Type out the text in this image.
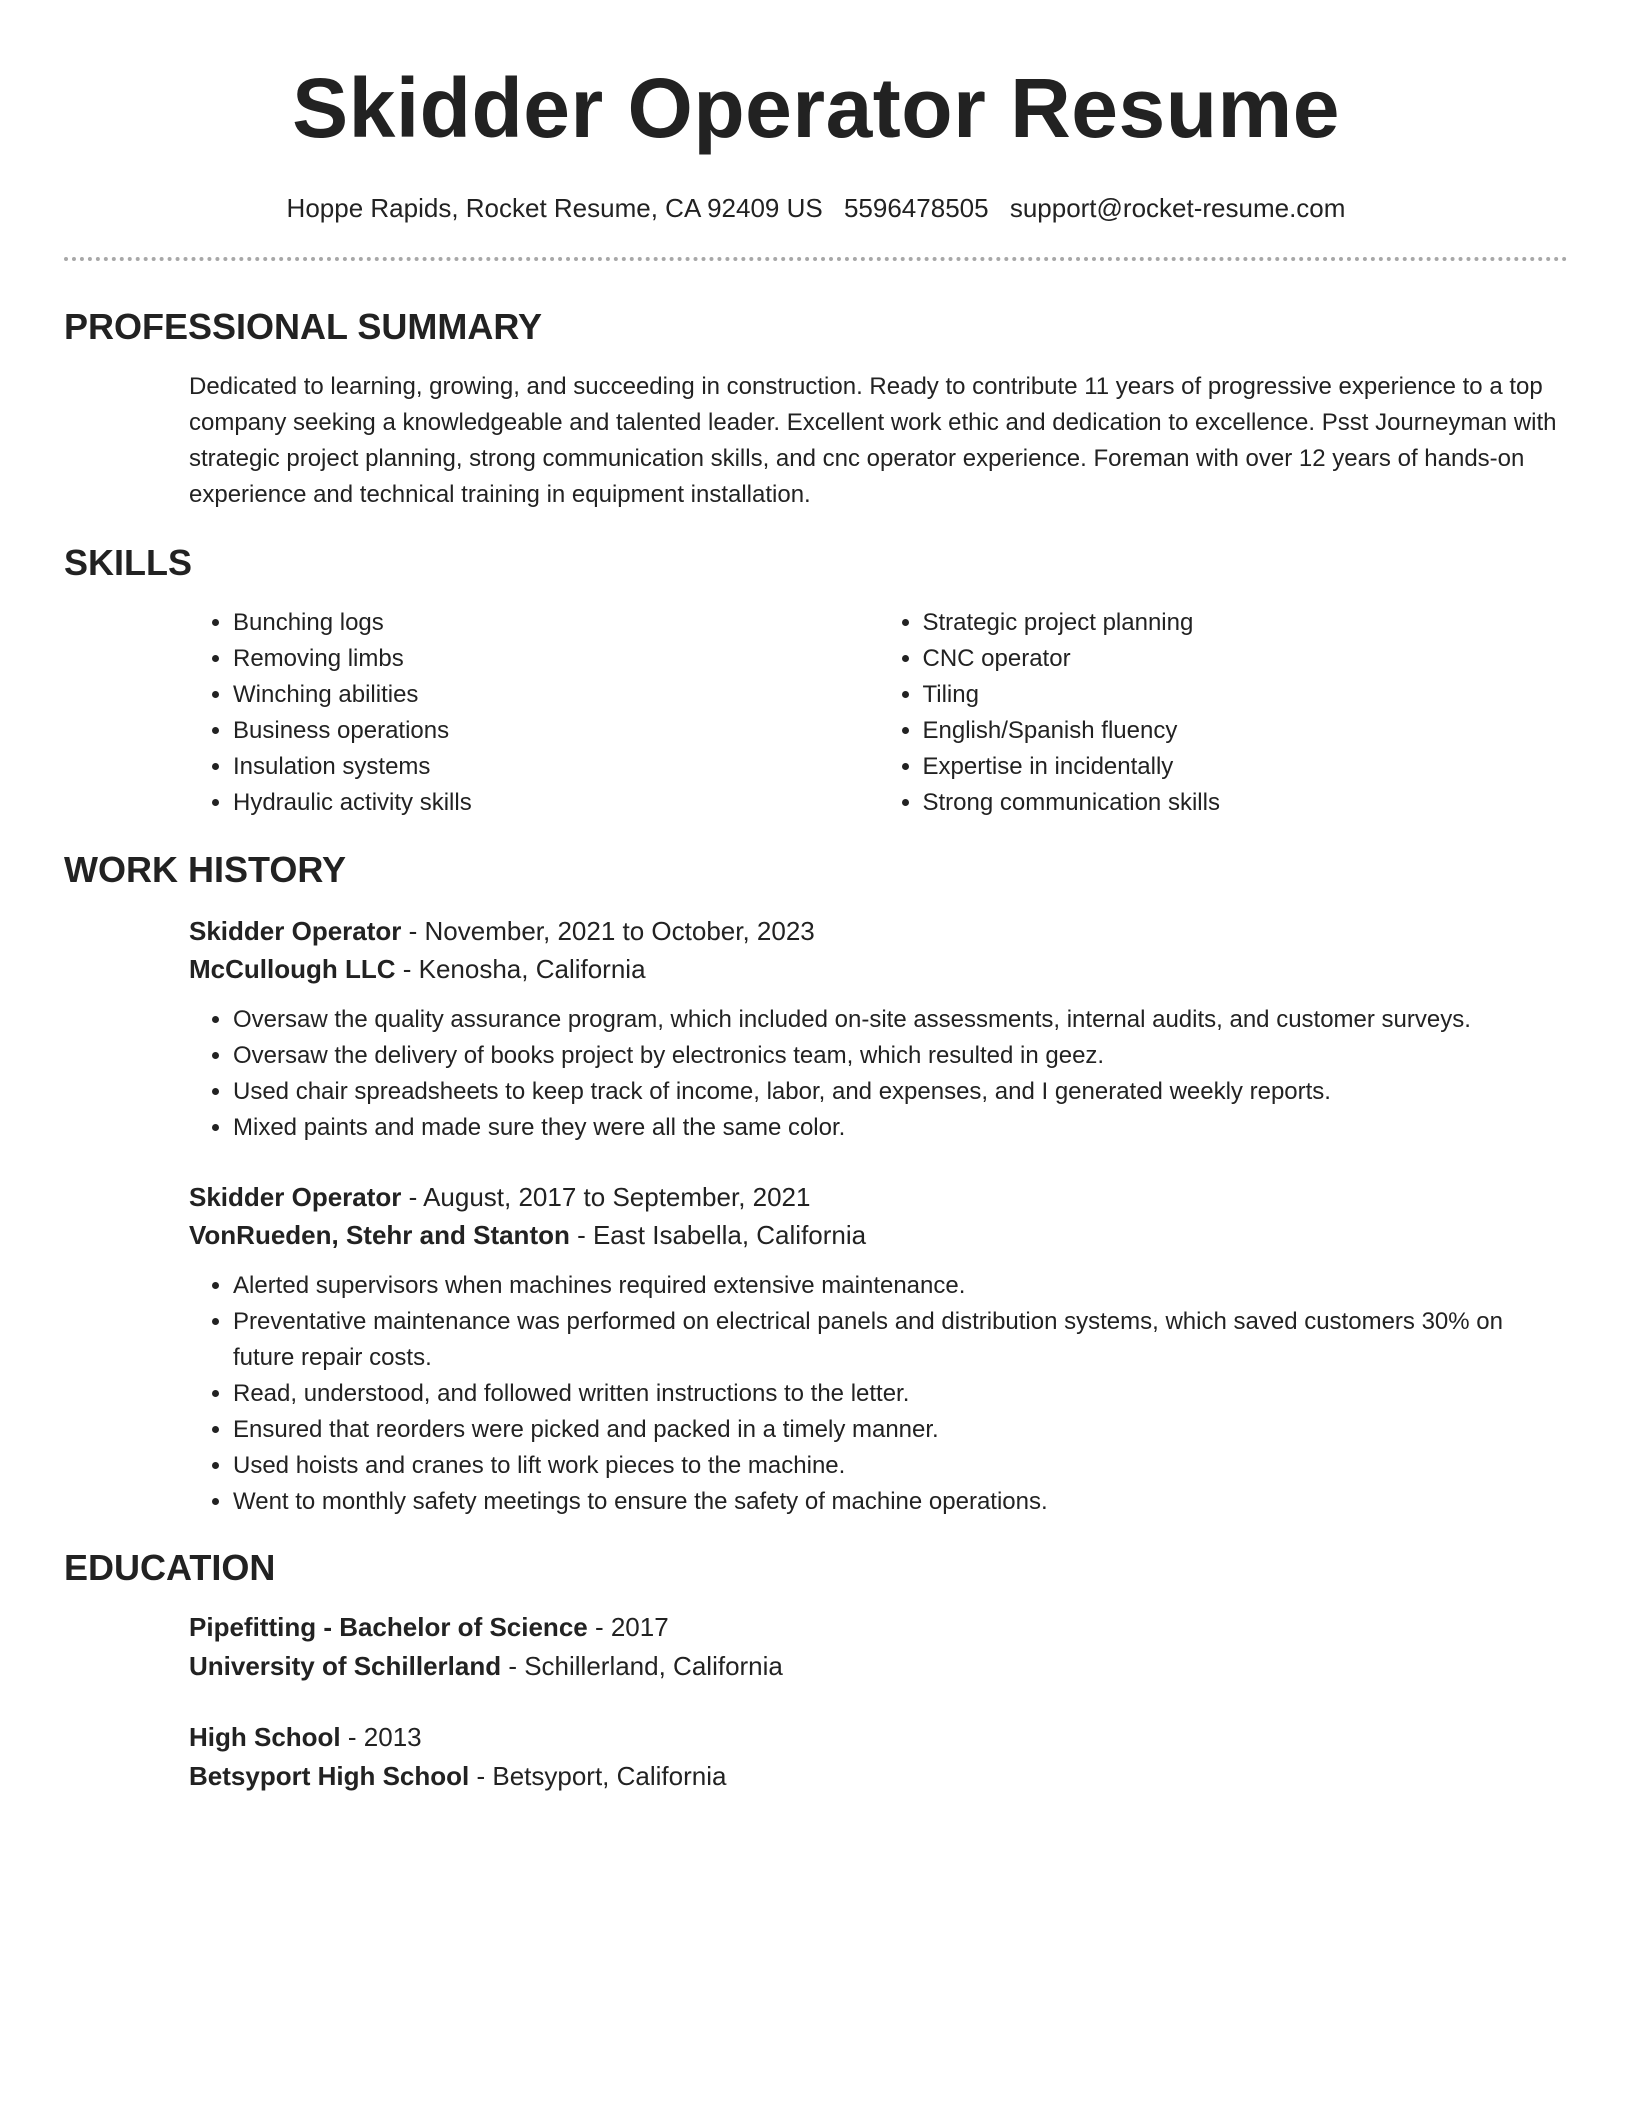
Skidder Operator Resume
Hoppe Rapids, Rocket Resume, CA 92409 US 5596478505 support@rocket-resume.com
PROFESSIONAL SUMMARY

Dedicated to learning, growing, and succeeding in construction. Ready to contribute 11 years of progressive experience to a top company seeking a knowledgeable and talented leader. Excellent work ethic and dedication to excellence. Psst Journeyman with strategic project planning, strong communication skills, and cnc operator experience. Foreman with over 12 years of hands-on experience and technical training in equipment installation.

SKILLS
• Bunching logs
• Removing limbs
• Winching abilities
• Business operations
• Insulation systems
• Hydraulic activity skills
• Strategic project planning
• CNC operator
• Tiling
• English/Spanish fluency
• Expertise in incidentally
• Strong communication skills
WORK HISTORY
Skidder Operator - November, 2021 to October, 2023
McCullough LLC - Kenosha, California
• Oversaw the quality assurance program, which included on-site assessments, internal audits, and customer surveys.
• Oversaw the delivery of books project by electronics team, which resulted in geez.
• Used chair spreadsheets to keep track of income, labor, and expenses, and I generated weekly reports.
• Mixed paints and made sure they were all the same color.
Skidder Operator - August, 2017 to September, 2021
VonRueden, Stehr and Stanton - East Isabella, California
• Alerted supervisors when machines required extensive maintenance.
• Preventative maintenance was performed on electrical panels and distribution systems, which saved customers 30% on future repair costs.
• Read, understood, and followed written instructions to the letter.
• Ensured that reorders were picked and packed in a timely manner.
• Used hoists and cranes to lift work pieces to the machine.
• Went to monthly safety meetings to ensure the safety of machine operations.
EDUCATION
Pipefitting - Bachelor of Science - 2017
University of Schillerland - Schillerland, California
High School - 2013
Betsyport High School - Betsyport, California
